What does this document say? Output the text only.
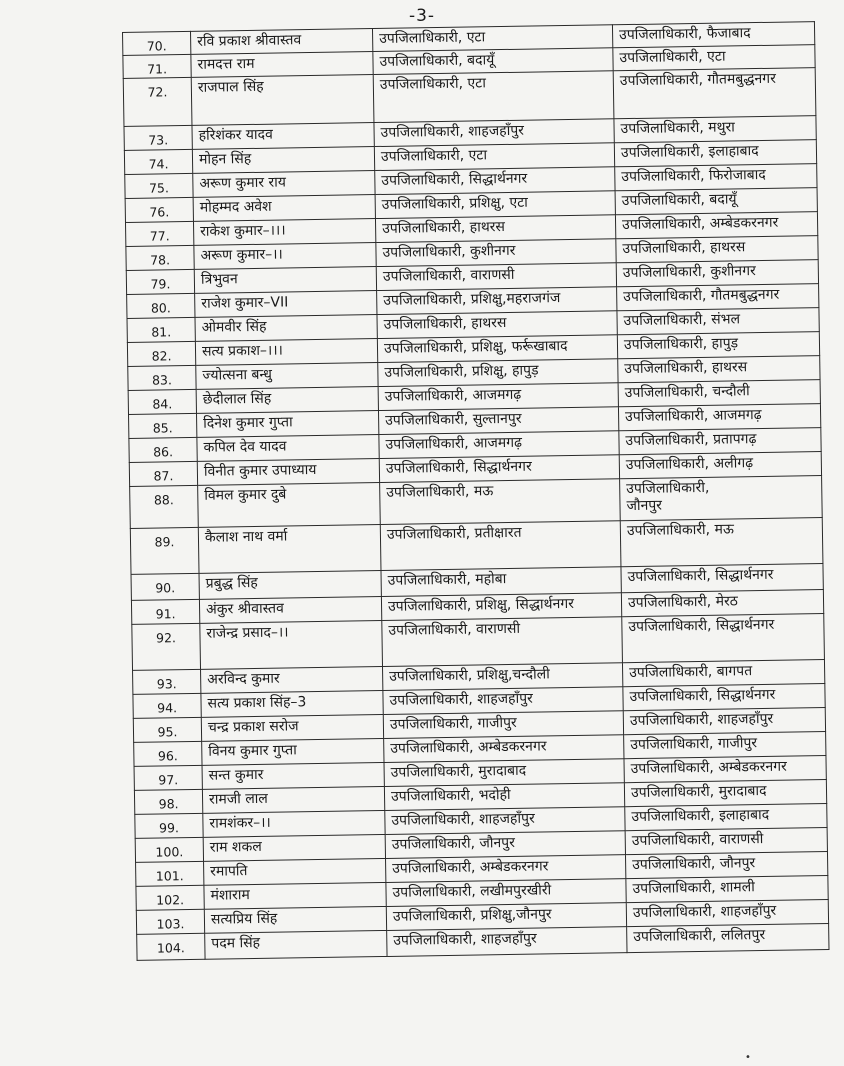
-3-
70.	रवि प्रकाश श्रीवास्तव	उपजिलाधिकारी, एटा	उपजिलाधिकारी, फैजाबाद
71.	रामदत्त राम	उपजिलाधिकारी, बदायूँ	उपजिलाधिकारी, एटा
72.	राजपाल सिंह	उपजिलाधिकारी, एटा	उपजिलाधिकारी, गौतमबुद्धनगर
73.	हरिशंकर यादव	उपजिलाधिकारी, शाहजहाँपुर	उपजिलाधिकारी, मथुरा
74.	मोहन सिंह	उपजिलाधिकारी, एटा	उपजिलाधिकारी, इलाहाबाद
75.	अरूण कुमार राय	उपजिलाधिकारी, सिद्धार्थनगर	उपजिलाधिकारी, फिरोजाबाद
76.	मोहम्मद अवेश	उपजिलाधिकारी, प्रशिक्षु, एटा	उपजिलाधिकारी, बदायूँ
77.	राकेश कुमार–।।।	उपजिलाधिकारी, हाथरस	उपजिलाधिकारी, अम्बेडकरनगर
78.	अरूण कुमार–।।	उपजिलाधिकारी, कुशीनगर	उपजिलाधिकारी, हाथरस
79.	त्रिभुवन	उपजिलाधिकारी, वाराणसी	उपजिलाधिकारी, कुशीनगर
80.	राजेश कुमार–VII	उपजिलाधिकारी, प्रशिक्षु,महराजगंज	उपजिलाधिकारी, गौतमबुद्धनगर
81.	ओमवीर सिंह	उपजिलाधिकारी, हाथरस	उपजिलाधिकारी, संभल
82.	सत्य प्रकाश–।।।	उपजिलाधिकारी, प्रशिक्षु, फर्रूखाबाद	उपजिलाधिकारी, हापुड़
83.	ज्योत्सना बन्धु	उपजिलाधिकारी, प्रशिक्षु, हापुड़	उपजिलाधिकारी, हाथरस
84.	छेदीलाल सिंह	उपजिलाधिकारी, आजमगढ़	उपजिलाधिकारी, चन्दौली
85.	दिनेश कुमार गुप्ता	उपजिलाधिकारी, सुल्तानपुर	उपजिलाधिकारी, आजमगढ़
86.	कपिल देव यादव	उपजिलाधिकारी, आजमगढ़	उपजिलाधिकारी, प्रतापगढ़
87.	विनीत कुमार उपाध्याय	उपजिलाधिकारी, सिद्धार्थनगर	उपजिलाधिकारी, अलीगढ़
88.	विमल कुमार दुबे	उपजिलाधिकारी, मऊ	उपजिलाधिकारी,
जौनपुर
89.	कैलाश नाथ वर्मा	उपजिलाधिकारी, प्रतीक्षारत	उपजिलाधिकारी, मऊ
90.	प्रबुद्ध सिंह	उपजिलाधिकारी, महोबा	उपजिलाधिकारी, सिद्धार्थनगर
91.	अंकुर श्रीवास्तव	उपजिलाधिकारी, प्रशिक्षु, सिद्धार्थनगर	उपजिलाधिकारी, मेरठ
92.	राजेन्द्र प्रसाद–।।	उपजिलाधिकारी, वाराणसी	उपजिलाधिकारी, सिद्धार्थनगर
93.	अरविन्द कुमार	उपजिलाधिकारी, प्रशिक्षु,चन्दौली	उपजिलाधिकारी, बागपत
94.	सत्य प्रकाश सिंह–3	उपजिलाधिकारी, शाहजहाँपुर	उपजिलाधिकारी, सिद्धार्थनगर
95.	चन्द्र प्रकाश सरोज	उपजिलाधिकारी, गाजीपुर	उपजिलाधिकारी, शाहजहाँपुर
96.	विनय कुमार गुप्ता	उपजिलाधिकारी, अम्बेडकरनगर	उपजिलाधिकारी, गाजीपुर
97.	सन्त कुमार	उपजिलाधिकारी, मुरादाबाद	उपजिलाधिकारी, अम्बेडकरनगर
98.	रामजी लाल	उपजिलाधिकारी, भदोही	उपजिलाधिकारी, मुरादाबाद
99.	रामशंकर–।।	उपजिलाधिकारी, शाहजहाँपुर	उपजिलाधिकारी, इलाहाबाद
100.	राम शकल	उपजिलाधिकारी, जौनपुर	उपजिलाधिकारी, वाराणसी
101.	रमापति	उपजिलाधिकारी, अम्बेडकरनगर	उपजिलाधिकारी, जौनपुर
102.	मंशाराम	उपजिलाधिकारी, लखीमपुरखीरी	उपजिलाधिकारी, शामली
103.	सत्यप्रिय सिंह	उपजिलाधिकारी, प्रशिक्षु,जौनपुर	उपजिलाधिकारी, शाहजहाँपुर
104.	पदम सिंह	उपजिलाधिकारी, शाहजहाँपुर	उपजिलाधिकारी, ललितपुर
•
